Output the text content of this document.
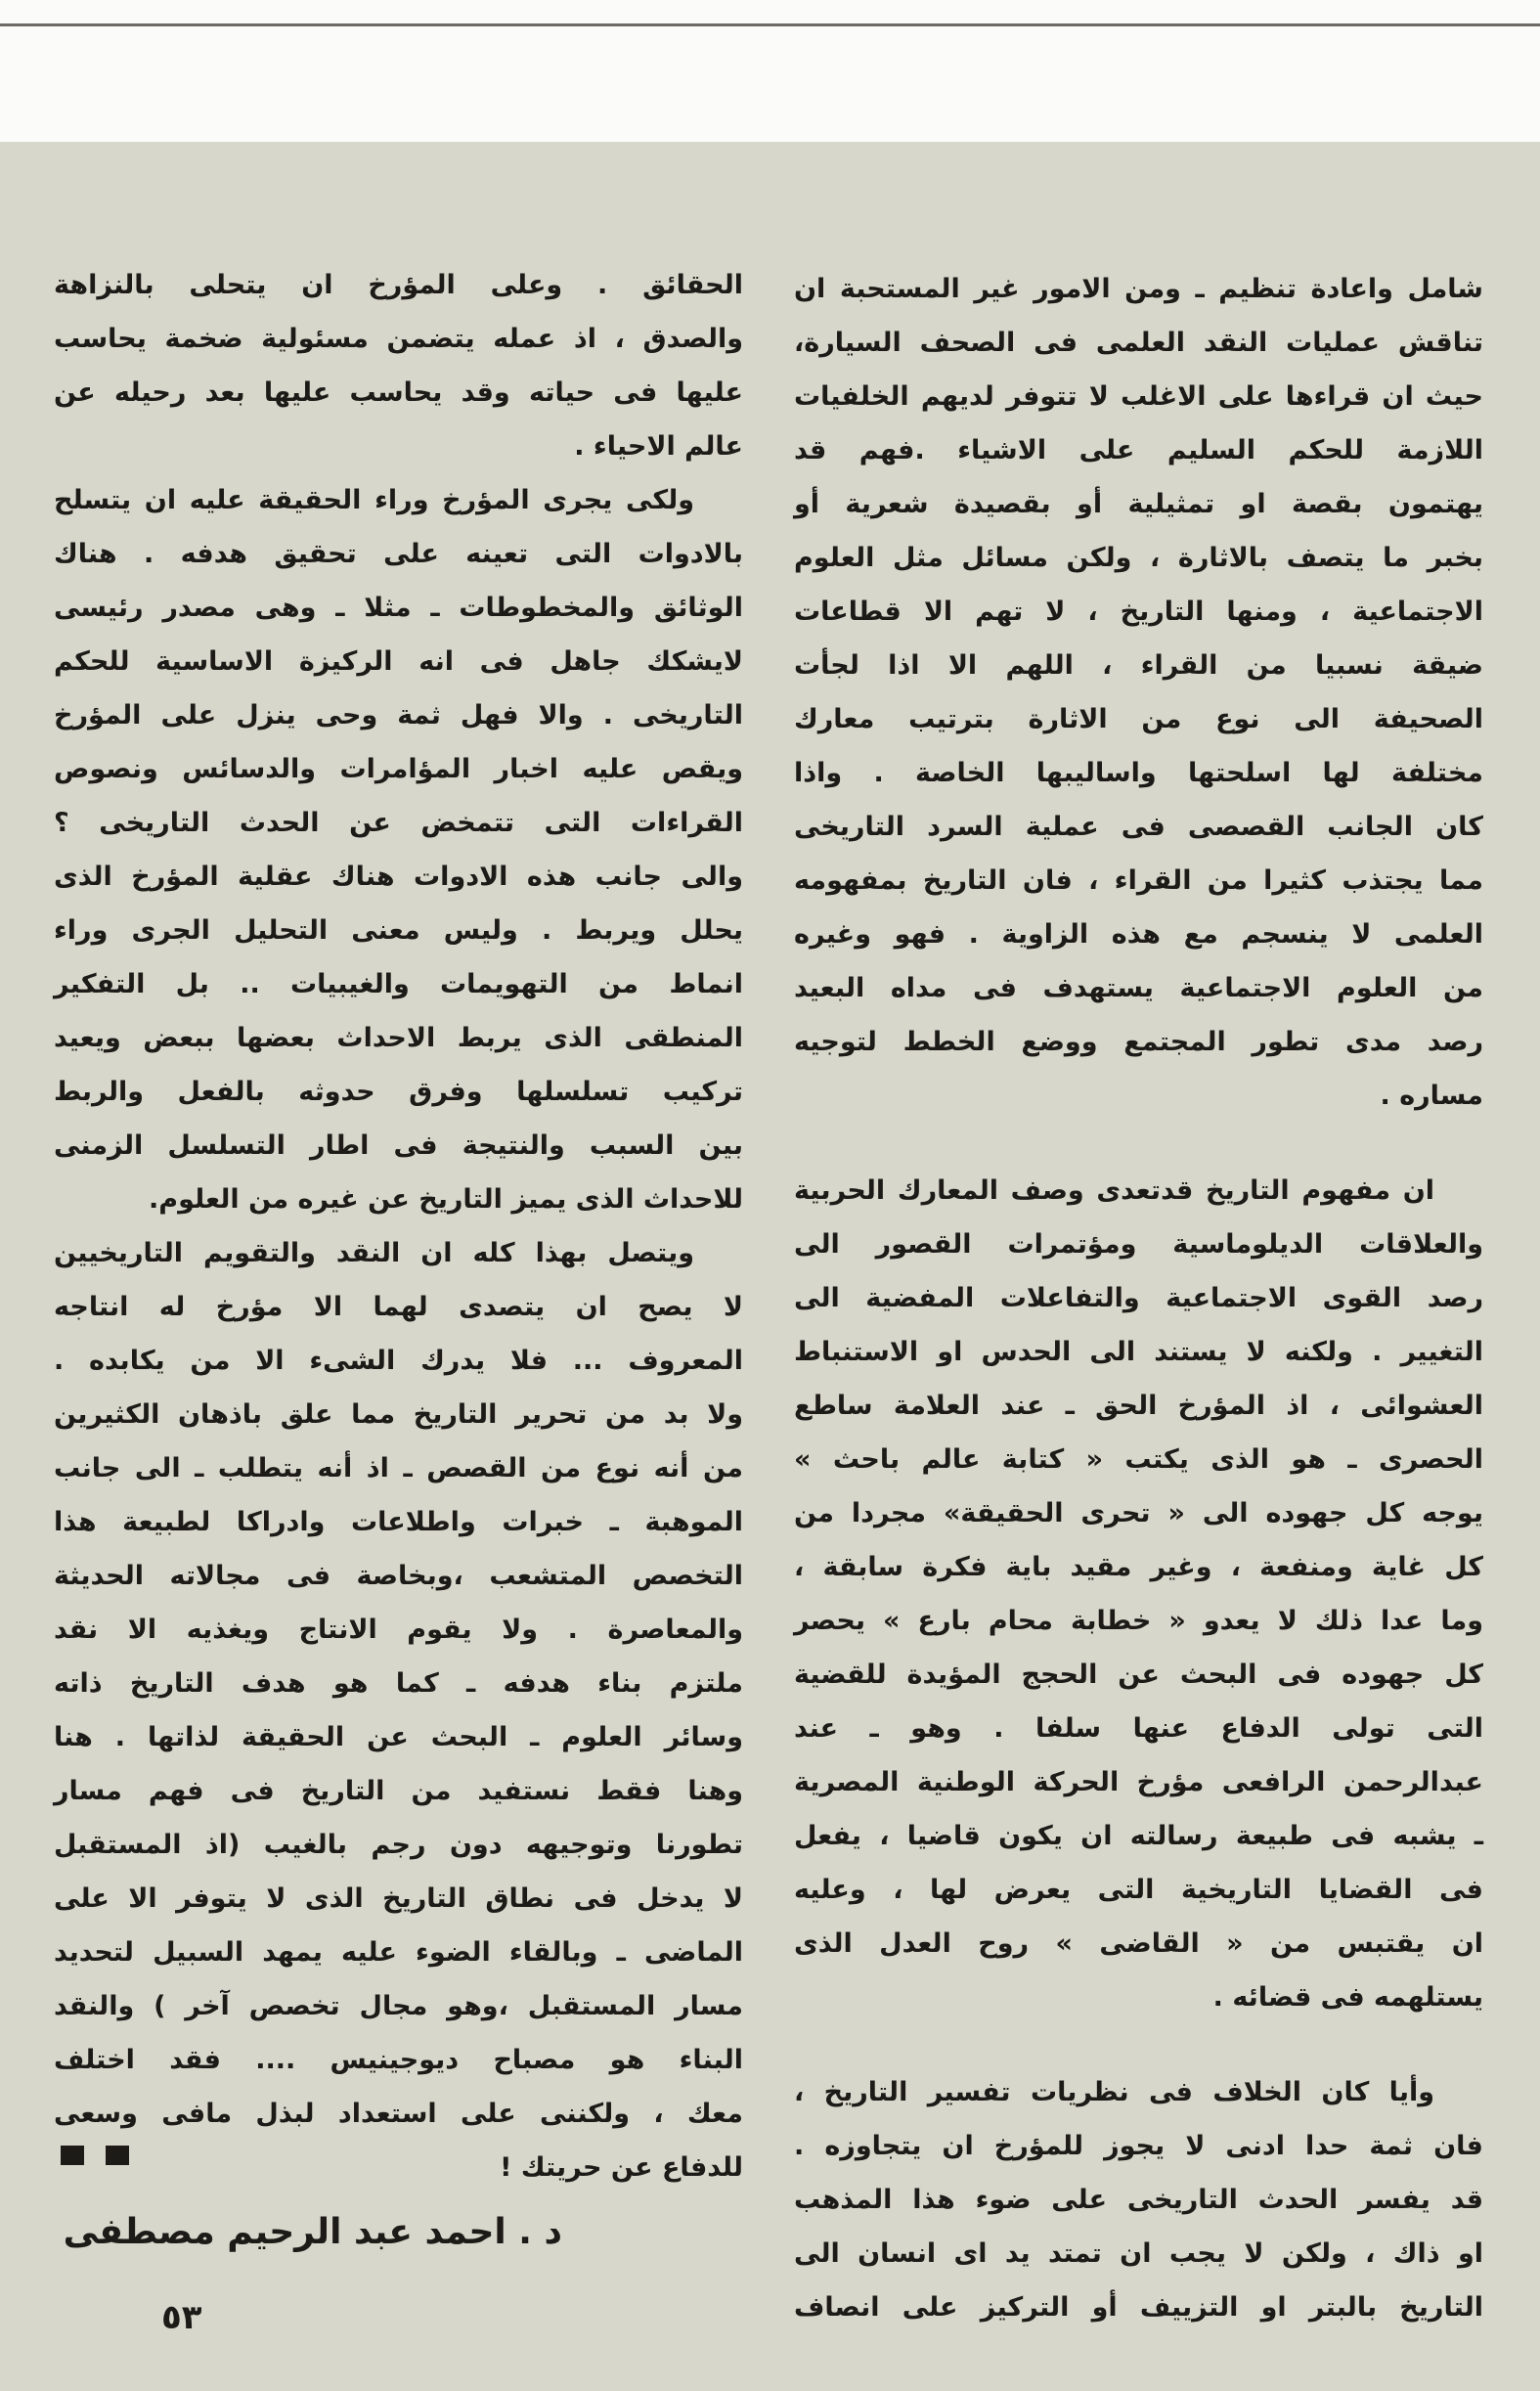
شامل واعادة تنظيم ـ ومن الامور غير المستحبة ان
تناقش عمليات النقد العلمى فى الصحف السيارة،
حيث ان قراءها على الاغلب لا تتوفر لديهم الخلفيات
اللازمة للحكم السليم على الاشياء .فهم قد
يهتمون بقصة او تمثيلية أو بقصيدة شعرية أو
بخبر ما يتصف بالاثارة ، ولكن مسائل مثل العلوم
الاجتماعية ، ومنها التاريخ ، لا تهم الا قطاعات
ضيقة نسبيا من القراء ، اللهم الا اذا لجأت
الصحيفة الى نوع من الاثارة بترتيب معارك
مختلفة لها اسلحتها واساليبها الخاصة . واذا
كان الجانب القصصى فى عملية السرد التاريخى
مما يجتذب كثيرا من القراء ، فان التاريخ بمفهومه
العلمى لا ينسجم مع هذه الزاوية . فهو وغيره
من العلوم الاجتماعية يستهدف فى مداه البعيد
رصد مدى تطور المجتمع ووضع الخطط لتوجيه
مساره .
ان مفهوم التاريخ قدتعدى وصف المعارك الحربية
والعلاقات الديلوماسية ومؤتمرات القصور الى
رصد القوى الاجتماعية والتفاعلات المفضية الى
التغيير . ولكنه لا يستند الى الحدس او الاستنباط
العشوائى ، اذ المؤرخ الحق ـ عند العلامة ساطع
الحصرى ـ هو الذى يكتب « كتابة عالم باحث »
يوجه كل جهوده الى « تحرى الحقيقة» مجردا من
كل غاية ومنفعة ، وغير مقيد باية فكرة سابقة ،
وما عدا ذلك لا يعدو « خطابة محام بارع » يحصر
كل جهوده فى البحث عن الحجج المؤيدة للقضية
التى تولى الدفاع عنها سلفا . وهو ـ عند
عبدالرحمن الرافعى مؤرخ الحركة الوطنية المصرية
ـ يشبه فى طبيعة رسالته ان يكون قاضيا ، يفعل
فى القضايا التاريخية التى يعرض لها ، وعليه
ان يقتبس من « القاضى » روح العدل الذى
يستلهمه فى قضائه .
وأيا كان الخلاف فى نظريات تفسير التاريخ ،
فان ثمة حدا ادنى لا يجوز للمؤرخ ان يتجاوزه .
قد يفسر الحدث التاريخى على ضوء هذا المذهب
او ذاك ، ولكن لا يجب ان تمتد يد اى انسان الى
التاريخ بالبتر او التزييف أو التركيز على انصاف
الحقائق . وعلى المؤرخ ان يتحلى بالنزاهة
والصدق ، اذ عمله يتضمن مسئولية ضخمة يحاسب
عليها فى حياته وقد يحاسب عليها بعد رحيله عن
عالم الاحياء .
ولكى يجرى المؤرخ وراء الحقيقة عليه ان يتسلح
بالادوات التى تعينه على تحقيق هدفه . هناك
الوثائق والمخطوطات ـ مثلا ـ وهى مصدر رئيسى
لايشكك جاهل فى انه الركيزة الاساسية للحكم
التاريخى . والا فهل ثمة وحى ينزل على المؤرخ
ويقص عليه اخبار المؤامرات والدسائس ونصوص
القراءات التى تتمخض عن الحدث التاريخى ؟
والى جانب هذه الادوات هناك عقلية المؤرخ الذى
يحلل ويربط . وليس معنى التحليل الجرى وراء
انماط من التهويمات والغيبيات .. بل التفكير
المنطقى الذى يربط الاحداث بعضها ببعض ويعيد
تركيب تسلسلها وفرق حدوثه بالفعل والربط
بين السبب والنتيجة فى اطار التسلسل الزمنى
للاحداث الذى يميز التاريخ عن غيره من العلوم.
ويتصل بهذا كله ان النقد والتقويم التاريخيين
لا يصح ان يتصدى لهما الا مؤرخ له انتاجه
المعروف ... فلا يدرك الشىء الا من يكابده .
ولا بد من تحرير التاريخ مما علق باذهان الكثيرين
من أنه نوع من القصص ـ اذ أنه يتطلب ـ الى جانب
الموهبة ـ خبرات واطلاعات وادراكا لطبيعة هذا
التخصص المتشعب ،وبخاصة فى مجالاته الحديثة
والمعاصرة . ولا يقوم الانتاج ويغذيه الا نقد
ملتزم بناء هدفه ـ كما هو هدف التاريخ ذاته
وسائر العلوم ـ البحث عن الحقيقة لذاتها . هنا
وهنا فقط نستفيد من التاريخ فى فهم مسار
تطورنا وتوجيهه دون رجم بالغيب (اذ المستقبل
لا يدخل فى نطاق التاريخ الذى لا يتوفر الا على
الماضى ـ وبالقاء الضوء عليه يمهد السبيل لتحديد
مسار المستقبل ،وهو مجال تخصص آخر ) والنقد
البناء هو مصباح ديوجينيس .... فقد اختلف
معك ، ولكننى على استعداد لبذل مافى وسعى
للدفاع عن حريتك !
د . احمد عبد الرحيم مصطفى
٥٣
